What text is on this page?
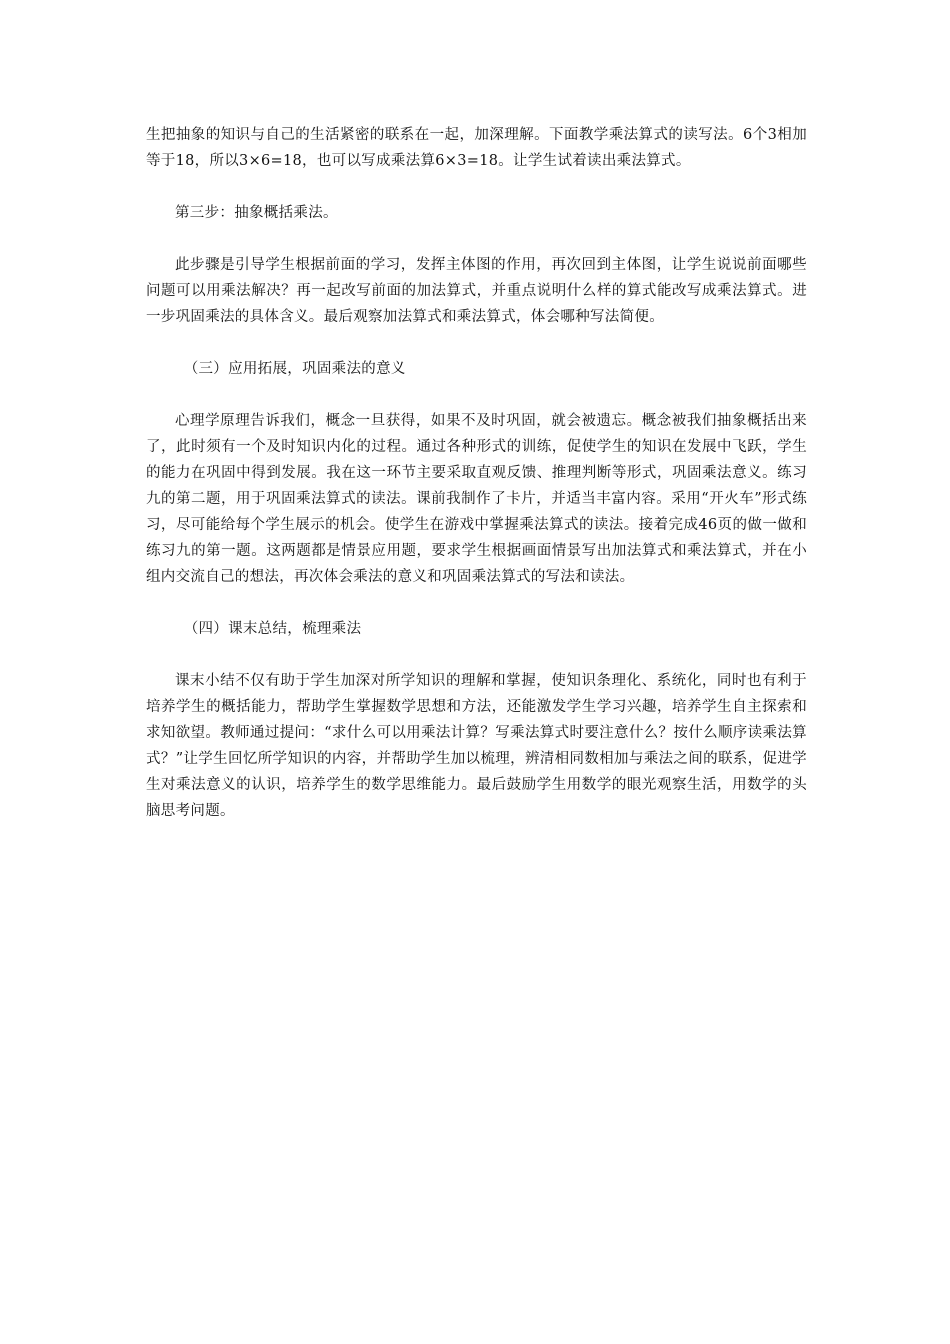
生把抽象的知识与自己的生活紧密的联系在一起，加深理解。下面教学乘法算式的读写法。6个3相加等于18，所以3×6=18，也可以写成乘法算6×3=18。让学生试着读出乘法算式。

第三步：抽象概括乘法。

此步骤是引导学生根据前面的学习，发挥主体图的作用，再次回到主体图，让学生说说前面哪些问题可以用乘法解决？再一起改写前面的加法算式，并重点说明什么样的算式能改写成乘法算式。进一步巩固乘法的具体含义。最后观察加法算式和乘法算式，体会哪种写法简便。

（三）应用拓展，巩固乘法的意义

心理学原理告诉我们，概念一旦获得，如果不及时巩固，就会被遗忘。概念被我们抽象概括出来了，此时须有一个及时知识内化的过程。通过各种形式的训练，促使学生的知识在发展中飞跃，学生的能力在巩固中得到发展。我在这一环节主要采取直观反馈、推理判断等形式，巩固乘法意义。练习九的第二题，用于巩固乘法算式的读法。课前我制作了卡片，并适当丰富内容。采用“开火车”形式练习，尽可能给每个学生展示的机会。使学生在游戏中掌握乘法算式的读法。接着完成46页的做一做和练习九的第一题。这两题都是情景应用题，要求学生根据画面情景写出加法算式和乘法算式，并在小组内交流自己的想法，再次体会乘法的意义和巩固乘法算式的写法和读法。

（四）课末总结，梳理乘法

课末小结不仅有助于学生加深对所学知识的理解和掌握，使知识条理化、系统化，同时也有利于培养学生的概括能力，帮助学生掌握数学思想和方法，还能激发学生学习兴趣，培养学生自主探索和求知欲望。教师通过提问：“求什么可以用乘法计算？写乘法算式时要注意什么？按什么顺序读乘法算式？”让学生回忆所学知识的内容，并帮助学生加以梳理，辨清相同数相加与乘法之间的联系，促进学生对乘法意义的认识，培养学生的数学思维能力。最后鼓励学生用数学的眼光观察生活，用数学的头脑思考问题。
